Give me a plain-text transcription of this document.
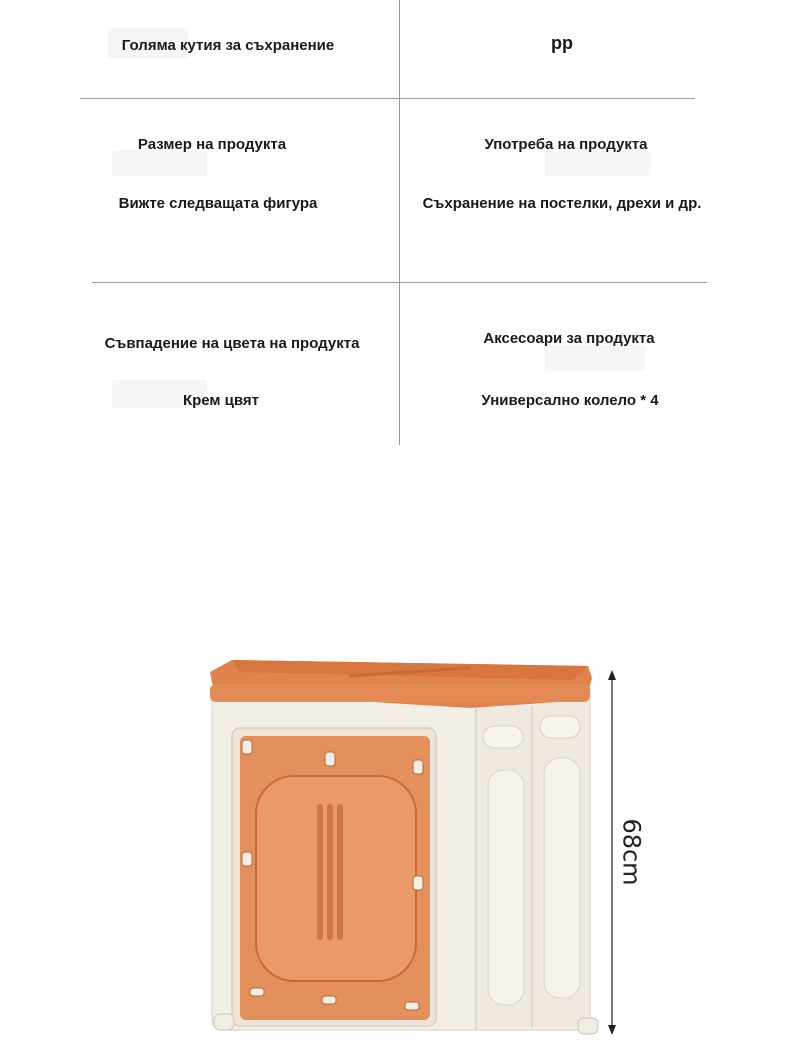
Голяма кутия за съхранение	pp
Размер на продукта
Вижте следващата фигура
Употреба на продукта
Съхранение на постелки, дрехи и др.
Съвпадение на цвета на продукта
Крем цвят
Аксесоари за продукта
Универсално колело * 4
68cm
